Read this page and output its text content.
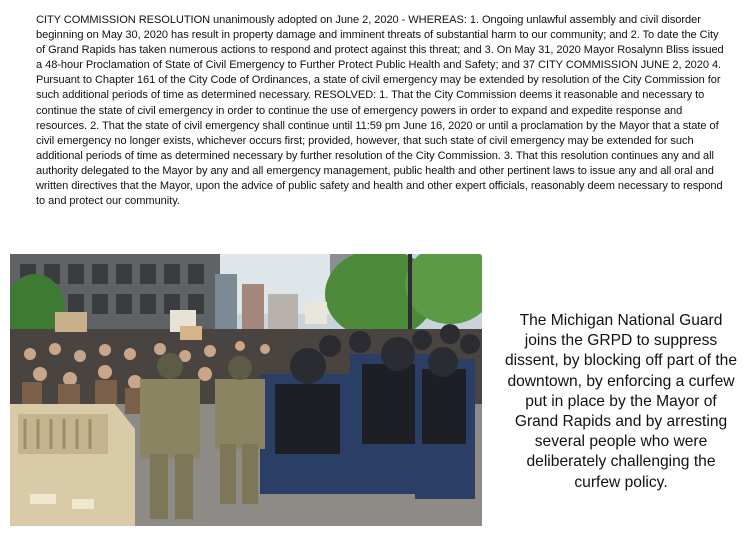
CITY COMMISSION RESOLUTION unanimously adopted on June 2, 2020 - WHEREAS: 1. Ongoing unlawful assembly and civil disorder beginning on May 30, 2020 has result in property damage and imminent threats of substantial harm to our community; and 2. To date the City of Grand Rapids has taken numerous actions to respond and protect against this threat; and 3. On May 31, 2020 Mayor Rosalynn Bliss issued a 48-hour Proclamation of State of Civil Emergency to Further Protect Public Health and Safety; and 37 CITY COMMISSION JUNE 2, 2020 4. Pursuant to Chapter 161 of the City Code of Ordinances, a state of civil emergency may be extended by resolution of the City Commission for such additional periods of time as determined necessary. RESOLVED: 1. That the City Commission deems it reasonable and necessary to continue the state of civil emergency in order to continue the use of emergency powers in order to expand and expedite response and resources. 2. That the state of civil emergency shall continue until 11:59 pm June 16, 2020 or until a proclamation by the Mayor that a state of civil emergency no longer exists, whichever occurs first; provided, however, that such state of civil emergency may be extended for such additional periods of time as determined necessary by further resolution of the City Commission. 3. That this resolution continues any and all authority delegated to the Mayor by any and all emergency management, public health and other pertinent laws to issue any and all oral and written directives that the Mayor, upon the advice of public safety and health and other expert officials, reasonably deem necessary to respond to and protect our community.

The Michigan National Guard joins the GRPD to suppress dissent, by blocking off part of the downtown, by enforcing a curfew put in place by the Mayor of Grand Rapids and by arresting several people who were deliberately challenging the curfew policy.
